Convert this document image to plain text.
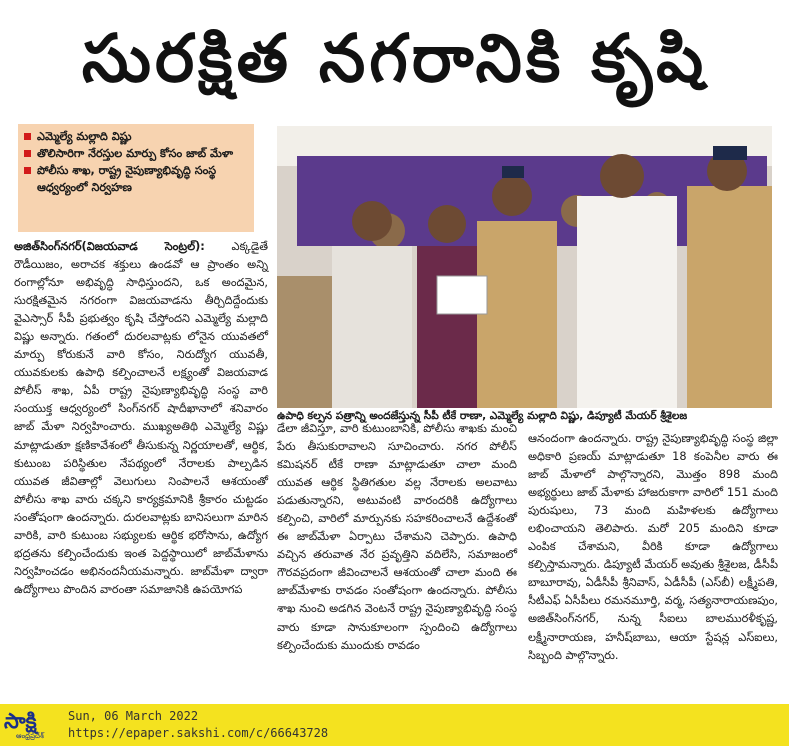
సురక్షిత నగరానికి కృషి
ఎమ్మెల్యే మల్లాది విష్ణు
తొలిసారిగా నేరస్తుల మార్పు కోసం జాబ్ మేళా
పోలీసు శాఖ, రాష్ట్ర నైపుణ్యాభివృద్ధి సంస్థ ఆధ్వర్యంలో నిర్వహణ

అజిత్‌సింగ్‌నగర్(విజయవాడ సెంట్రల్): ఎక్కడైతే రౌడీయిజం, అరాచక శక్తులు ఉండవో ఆ ప్రాంతం అన్ని రంగాల్లోనూ అభివృద్ధి సాధిస్తుందని, ఒక అందమైన, సురక్షితమైన నగరంగా విజయవాడను తీర్చిదిద్దేందుకు వైఎస్సార్‌ సీపీ ప్రభుత్వం కృషి చేస్తోందని ఎమ్మెల్యే మల్లాది విష్ణు అన్నారు. గతంలో దురలవాట్లకు లోనైన యువతలో మార్పు కోరుకునే వారి కోసం, నిరుద్యోగ యువతీ, యువకులకు ఉపాధి కల్పించాలనే లక్ష్యంతో విజయవాడ పోలీస్‌ శాఖ, ఏపీ రాష్ట్ర నైపుణ్యాభివృద్ధి సంస్థ వారి సంయుక్త ఆధ్వర్యంలో సింగ్‌నగర్‌ షాదీఖానాలో శనివారం జాబ్‌ మేళా నిర్వహించారు. ముఖ్యఅతిథి ఎమ్మెల్యే విష్ణు మాట్లాడుతూ క్షణికావేశంలో తీసుకున్న నిర్ణయాలతో, ఆర్థిక, కుటుంబ పరిస్థితుల నేపథ్యంలో నేరాలకు పాల్పడిన యువత జీవితాల్లో వెలుగులు నింపాలనే ఆశయంతో పోలీసు శాఖ వారు చక్కని కార్యక్రమానికి శ్రీకారం చుట్టడం సంతోషంగా ఉందన్నారు. దురలవాట్లకు బానిసలుగా మారిన వారికి, వారి కుటుంబ సభ్యులకు ఆర్థిక భరోసాను, ఉద్యోగ భద్రతను కల్పించేందుకు ఇంత పెద్దస్థాయిలో జాబ్‌మేళాను నిర్వహించడం అభినందనీయమన్నారు. జాబ్‌మేళా ద్వారా ఉద్యోగాలు పొందిన వారంతా సమాజానికి ఉపయోగప

ఉపాధి కల్పన పత్రాన్ని అందజేస్తున్న సీపీ టీకే రాణా, ఎమ్మెల్యే మల్లాది విష్ణు, డిప్యూటీ మేయర్ శ్రీశైలజ

డేలా జీవిస్తూ, వారి కుటుంబానికి, పోలీసు శాఖకు మంచి పేరు తీసుకురావాలని సూచించారు. నగర పోలీస్‌ కమిషనర్‌ టీకే రాణా మాట్లాడుతూ చాలా మంది యువత ఆర్థిక స్థితిగతుల వల్ల నేరాలకు అలవాటు పడుతున్నారని, అటువంటి వారందరికి ఉద్యోగాలు కల్పించి, వారిలో మార్పునకు సహకరించాలనే ఉద్దేశంతో ఈ జాబ్‌మేళా ఏర్పాటు చేశామని చెప్పారు. ఉపాధి వచ్చిన తరువాత నేర ప్రవృత్తిని వదిలేసి, సమాజంలో గౌరవప్రదంగా జీవించాలనే ఆశయంతో చాలా మంది ఈ జాబ్‌మేళాకు రావడం సంతోషంగా ఉందన్నారు. పోలీసు శాఖ నుంచి అడగిన వెంటనే రాష్ట్ర నైపుణ్యాభివృద్ధి సంస్థ వారు కూడా సానుకూలంగా స్పందించి ఉద్యోగాలు కల్పించేందుకు ముందుకు రావడం

ఆనందంగా ఉందన్నారు. రాష్ట్ర నైపుణ్యాభివృద్ధి సంస్థ జిల్లా అధికారి ప్రణయ్‌ మాట్లాడుతూ 18 కంపెనీల వారు ఈ జాబ్‌ మేళాలో పాల్గొన్నారని, మొత్తం 898 మంది అభ్యర్థులు జాబ్‌ మేళాకు హాజరుకాగా వారిలో 151 మంది పురుషులు, 73 మంది మహిళలకు ఉద్యోగాలు లభించాయని తెలిపారు. మరో 205 మందిని కూడా ఎంపిక చేశామని, వీరికి కూడా ఉద్యోగాలు కల్పిస్తామన్నారు. డిప్యూటీ మేయర్‌ అవుతు శ్రీశైలజ, డీసీపీ బాబూరావు, ఏడీసీపీ శ్రీనివాస్, ఏడీసీపీ (ఎస్‌బీ) లక్ష్మీపతి, సీటీఎఫ్‌ ఏసీపీలు రమనమూర్తి, వర్మ, సత్యనారాయణపుం, అజిత్‌సింగ్‌నగర్, నున్న సీఐలు బాలమురళీకృష్ణ, లక్ష్మీనారాయణ, హనీష్‌బాబు, ఆయా స్టేషన్ల ఎస్‌ఐలు, సిబ్బంది పాల్గొన్నారు.

సాక్షి
ఆంధ్రప్రదేశ్
Sun, 06 March 2022
https://epaper.sakshi.com/c/66643728
